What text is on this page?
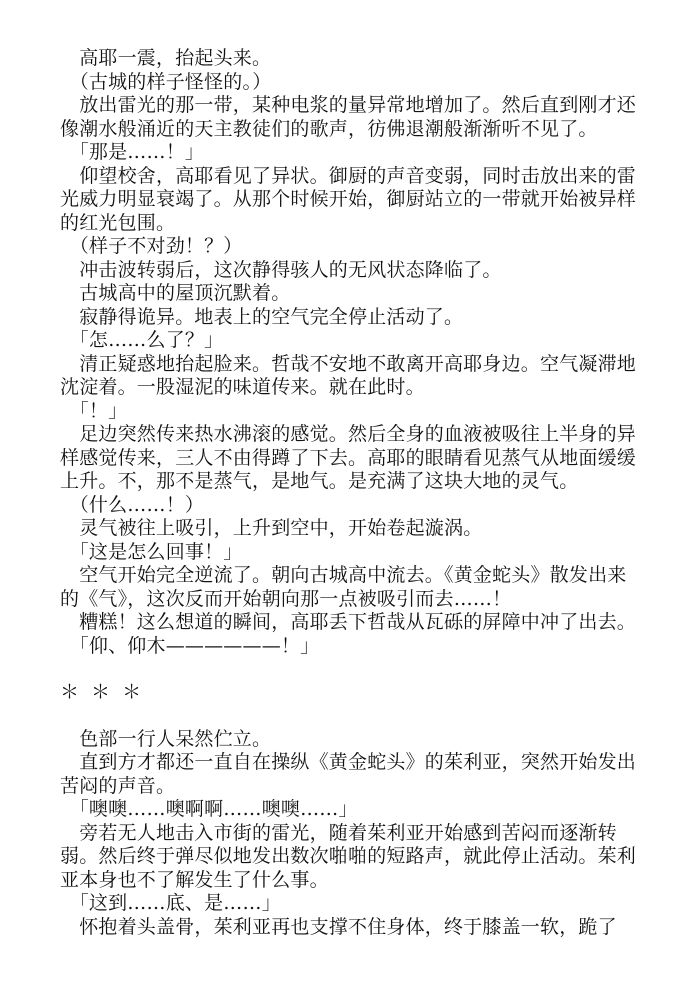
　高耶一震，抬起头来。

　（古城的样子怪怪的。）

　放出雷光的那一带，某种电浆的量异常地增加了。然后直到刚才还像潮水般涌近的天主教徒们的歌声，彷佛退潮般渐渐听不见了。

　「那是……！」

　仰望校舍，高耶看见了异状。御厨的声音变弱，同时击放出来的雷光威力明显衰竭了。从那个时候开始，御厨站立的一带就开始被异样的红光包围。

　（样子不对劲！？）

　冲击波转弱后，这次静得骇人的无风状态降临了。

　古城高中的屋顶沉默着。

　寂静得诡异。地表上的空气完全停止活动了。

　「怎……么了？」

　清正疑惑地抬起脸来。哲哉不安地不敢离开高耶身边。空气凝滞地沈淀着。一股湿泥的味道传来。就在此时。

　「！」

　足边突然传来热水沸滚的感觉。然后全身的血液被吸往上半身的异样感觉传来，三人不由得蹲了下去。高耶的眼睛看见蒸气从地面缓缓上升。不，那不是蒸气，是地气。是充满了这块大地的灵气。

　（什么……！）

　灵气被往上吸引，上升到空中，开始卷起漩涡。

　「这是怎么回事！」

　空气开始完全逆流了。朝向古城高中流去。《黄金蛇头》散发出来的《气》，这次反而开始朝向那一点被吸引而去……！

　糟糕！这么想道的瞬间，高耶丢下哲哉从瓦砾的屏障中冲了出去。

　「仰、仰木——————！」

＊ ＊ ＊

　色部一行人呆然伫立。

　直到方才都还一直自在操纵《黄金蛇头》的茱利亚，突然开始发出苦闷的声音。

　「噢噢……噢啊啊……噢噢……」

　旁若无人地击入市街的雷光，随着茱利亚开始感到苦闷而逐渐转弱。然后终于弹尽似地发出数次啪啪的短路声，就此停止活动。茱利亚本身也不了解发生了什么事。

　「这到……底、是……」

　怀抱着头盖骨，茱利亚再也支撑不住身体，终于膝盖一软，跪了
